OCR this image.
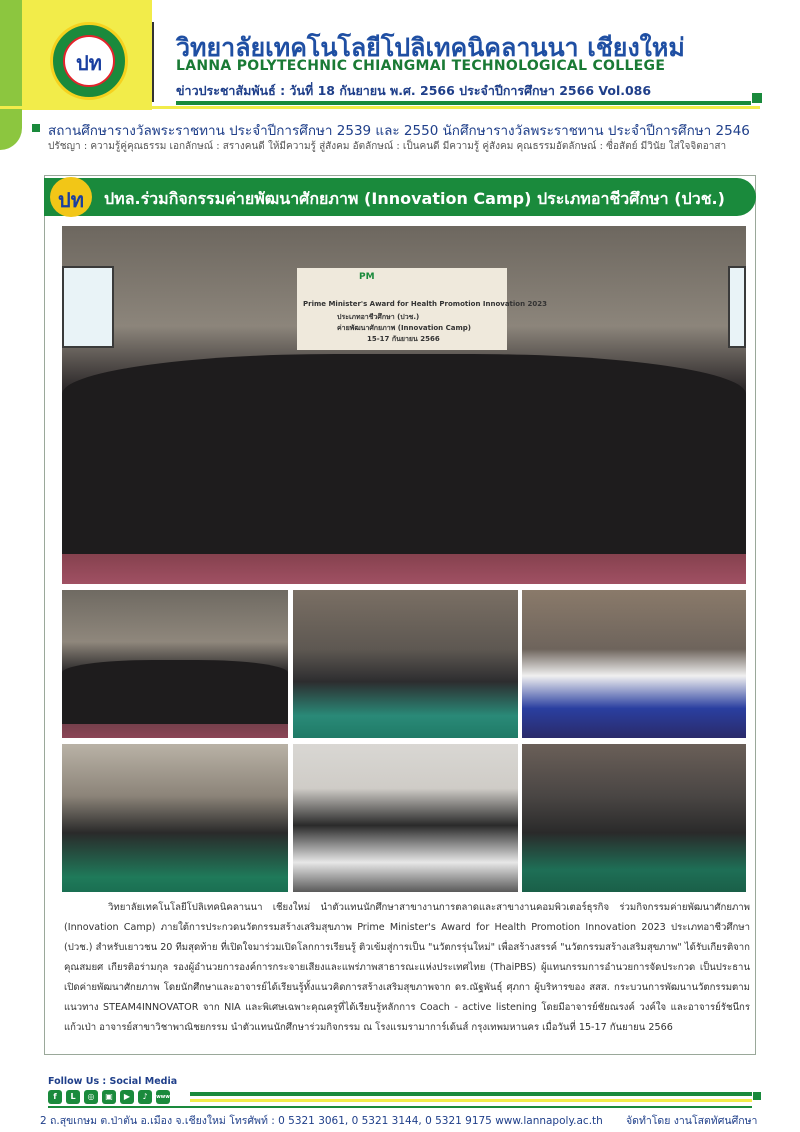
ปท
วิทยาลัยเทคโนโลยีโปลิเทคนิคลานนา เชียงใหม่
LANNA POLYTECHNIC CHIANGMAI TECHNOLOGICAL COLLEGE
ข่าวประชาสัมพันธ์ : วันที่ 18 กันยายน พ.ศ. 2566 ประจำปีการศึกษา 2566 Vol.086
สถานศึกษารางวัลพระราชทาน ประจำปีการศึกษา 2539 และ 2550 นักศึกษารางวัลพระราชทาน ประจำปีการศึกษา 2546
ปรัชญา : ความรู้คู่คุณธรรม เอกลักษณ์ : สรางคนดี ให้มีความรู้ สู่สังคม อัตลักษณ์ : เป็นคนดี มีความรู้ คู่สังคม คุณธรรมอัตลักษณ์ : ซื่อสัตย์ มีวินัย ใส่ใจจิตอาสา
ปท	ปทล.ร่วมกิจกรรมค่ายพัฒนาศักยภาพ (Innovation Camp) ประเภทอาชีวศึกษา (ปวช.)
PM
Prime Minister's Award for Health Promotion Innovation 2023
ประเภทอาชีวศึกษา (ปวช.)
ค่ายพัฒนาศักยภาพ (Innovation Camp)
15-17 กันยายน 2566

วิทยาลัยเทคโนโลยีโปลิเทคนิคลานนา เชียงใหม่ นำตัวแทนนักศึกษาสาขางานการตลาดและสาขางานคอมพิวเตอร์ธุรกิจ ร่วมกิจกรรมค่ายพัฒนาศักยภาพ (Innovation Camp) ภายใต้การประกวดนวัตกรรมสร้างเสริมสุขภาพ Prime Minister's Award for Health Promotion Innovation 2023 ประเภทอาชีวศึกษา (ปวช.) สำหรับเยาวชน 20 ทีมสุดท้าย ที่เปิดใจมาร่วมเปิดโลกการเรียนรู้ ติวเข้มสู่การเป็น "นวัตกรรุ่นใหม่" เพื่อสร้างสรรค์ "นวัตกรรมสร้างเสริมสุขภาพ" ได้รับเกียรติจากคุณสมยศ เกียรติอร่ามกุล รองผู้อำนวยการองค์การกระจายเสียงและแพร่ภาพสาธารณะแห่งประเทศไทย (ThaiPBS) ผู้แทนกรรมการอำนวยการจัดประกวด เป็นประธานเปิดค่ายพัฒนาศักยภาพ โดยนักศึกษาและอาจารย์ได้เรียนรู้ทั้งแนวคิดการสร้างเสริมสุขภาพจาก ดร.ณัฐพันธุ์ ศุภกา ผู้บริหารของ สสส. กระบวนการพัฒนานวัตกรรมตามแนวทาง STEAM4INNOVATOR จาก NIA และพิเศษเฉพาะคุณครูที่ได้เรียนรู้หลักการ Coach - active listening โดยมีอาจารย์ชัยณรงค์ วงค์ใจ และอาจารย์รัชนีกร แก้วเป่า อาจารย์สาขาวิชาพาณิชยกรรม นำตัวแทนนักศึกษาร่วมกิจกรรม ณ โรงแรมรามาการ์เด้นส์ กรุงเทพมหานคร เมื่อวันที่ 15-17 กันยายน 2566

Follow Us : Social Media
f	L	◎	▣	▶	♪	www
2 ถ.สุขเกษม ต.ป่าตัน อ.เมือง จ.เชียงใหม่ โทรศัพท์ : 0 5321 3061, 0 5321 3144, 0 5321 9175 www.lannapoly.ac.th จัดทำโดย งานโสตทัศนศึกษา
